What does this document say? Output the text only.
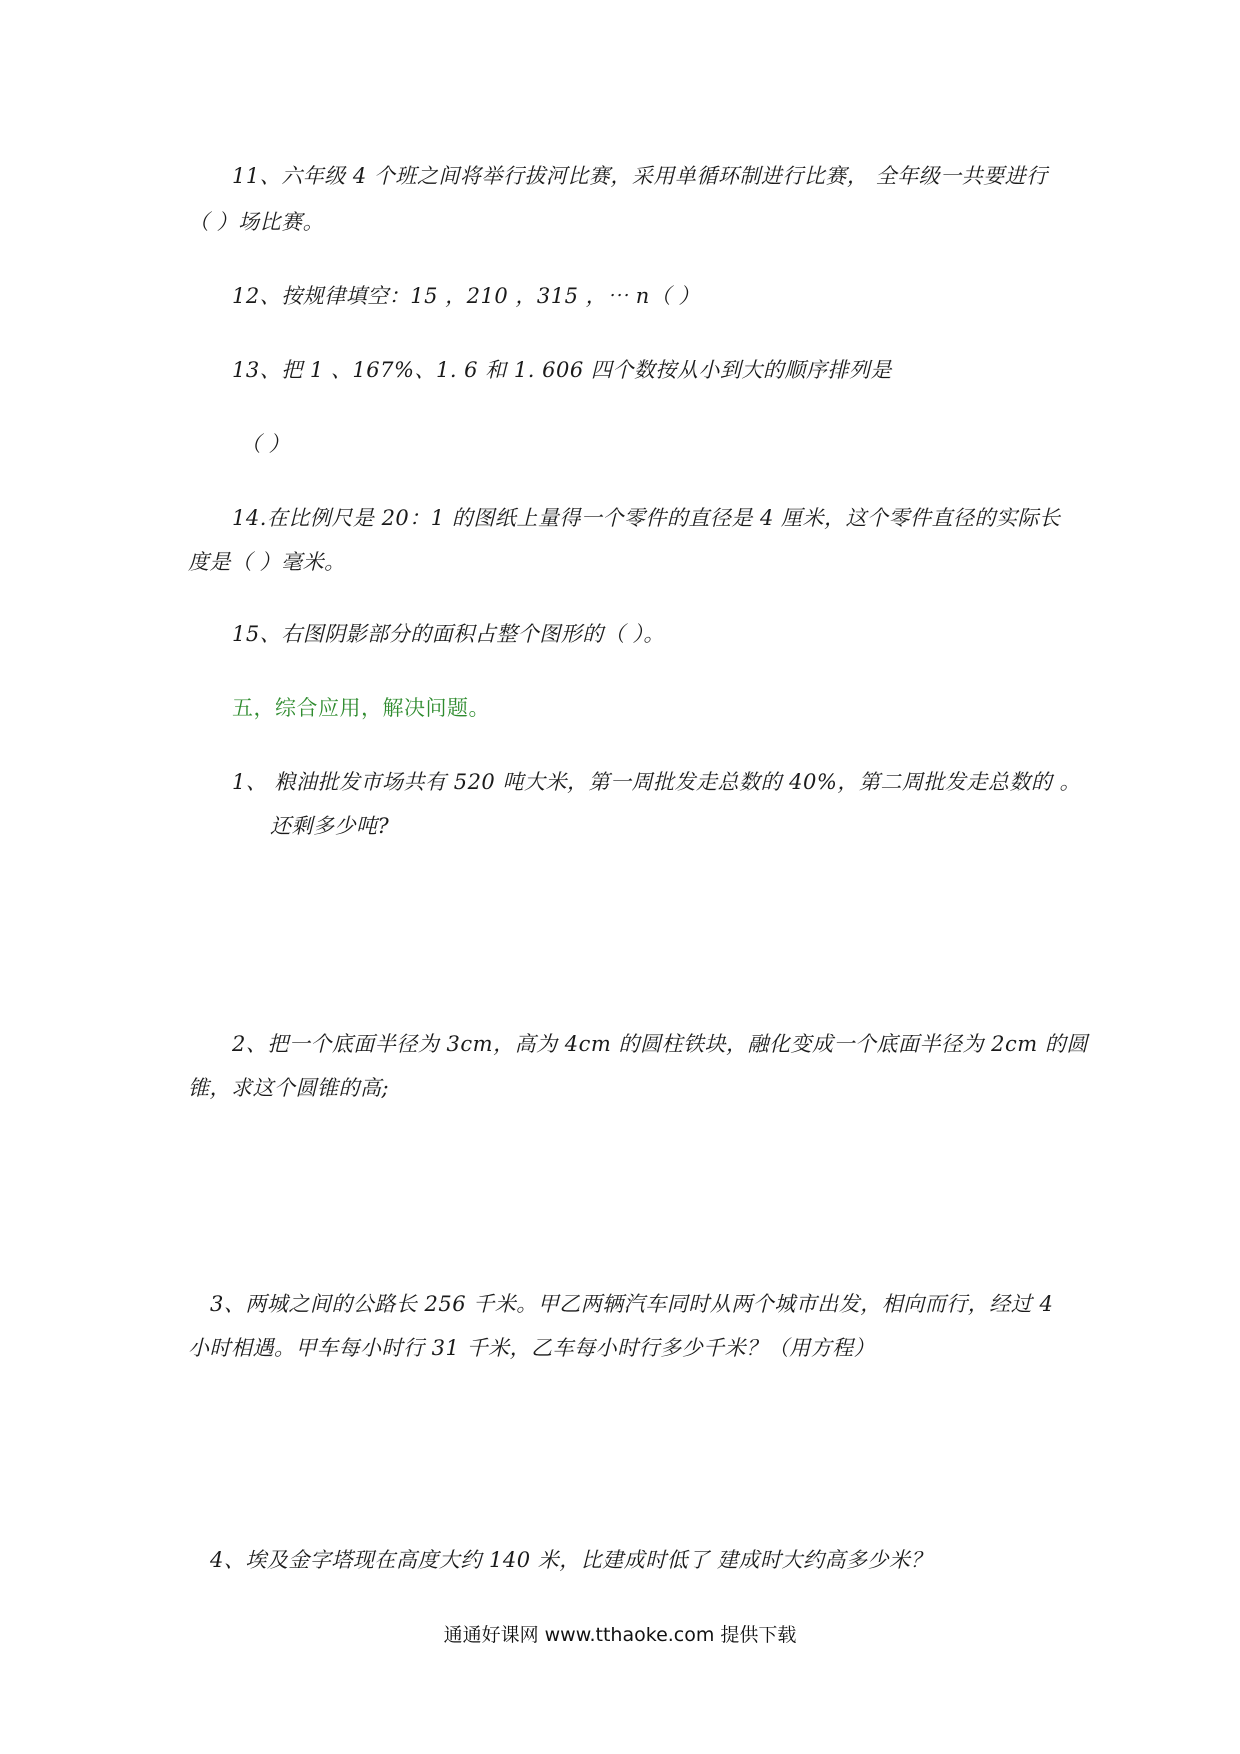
11、六年级 4 个班之间将举行拔河比赛，采用单循环制进行比赛， 全年级一共要进行
（ ）场比赛。
12、按规律填空：15 ，210 ，315 ，⋯ n（ ）
13、把 1 、167%、1. 6 和 1. 606 四个数按从小到大的顺序排列是
（ ）
14.在比例尺是 20：1 的图纸上量得一个零件的直径是 4 厘米，这个零件直径的实际长
度是（ ）毫米。
15、右图阴影部分的面积占整个图形的（ ）。
五，综合应用，解决问题。
1、 粮油批发市场共有 520 吨大米，第一周批发走总数的 40%，第二周批发走总数的 。
还剩多少吨?
2、把一个底面半径为 3cm，高为 4cm 的圆柱铁块，融化变成一个底面半径为 2cm 的圆
锥，求这个圆锥的高;
3、两城之间的公路长 256 千米。甲乙两辆汽车同时从两个城市出发，相向而行，经过 4
小时相遇。甲车每小时行 31 千米，乙车每小时行多少千米？（用方程）
4、埃及金字塔现在高度大约 140 米，比建成时低了 建成时大约高多少米？
通通好课网 www.tthaoke.com 提供下载
